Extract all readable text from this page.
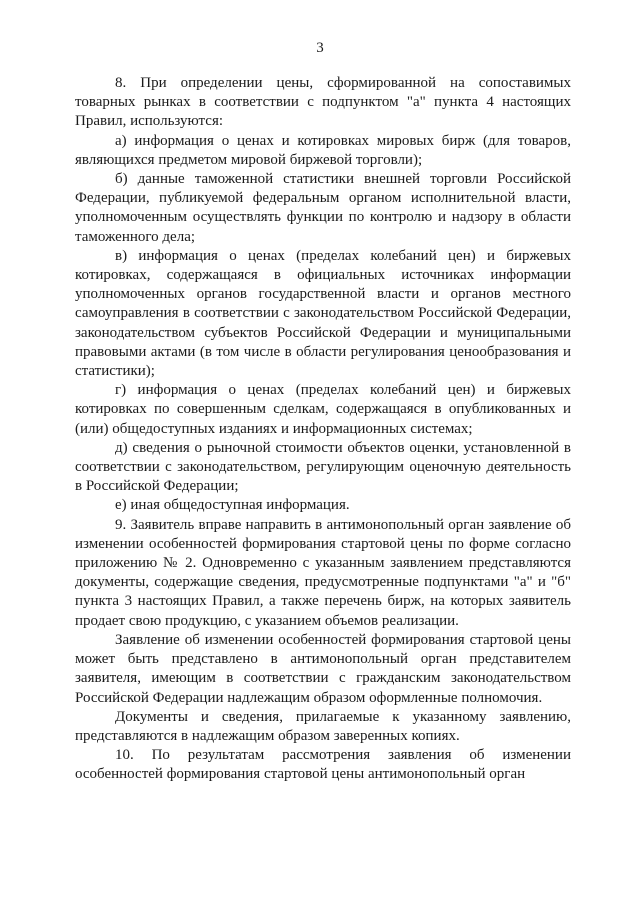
3

8. При определении цены, сформированной на сопоставимых товарных рынках в соответствии с подпунктом "а" пункта 4 настоящих Правил, используются:

а) информация о ценах и котировках мировых бирж (для товаров, являющихся предметом мировой биржевой торговли);

б) данные таможенной статистики внешней торговли Российской Федерации, публикуемой федеральным органом исполнительной власти, уполномоченным осуществлять функции по контролю и надзору в области таможенного дела;

в) информация о ценах (пределах колебаний цен) и биржевых котировках, содержащаяся в официальных источниках информации уполномоченных органов государственной власти и органов местного самоуправления в соответствии с законодательством Российской Федерации, законодательством субъектов Российской Федерации и муниципальными правовыми актами (в том числе в области регулирования ценообразования и статистики);

г) информация о ценах (пределах колебаний цен) и биржевых котировках по совершенным сделкам, содержащаяся в опубликованных и (или) общедоступных изданиях и информационных системах;

д) сведения о рыночной стоимости объектов оценки, установленной в соответствии с законодательством, регулирующим оценочную деятельность в Российской Федерации;

е) иная общедоступная информация.

9. Заявитель вправе направить в антимонопольный орган заявление об изменении особенностей формирования стартовой цены по форме согласно приложению № 2. Одновременно с указанным заявлением представляются документы, содержащие сведения, предусмотренные подпунктами "а" и "б" пункта 3 настоящих Правил, а также перечень бирж, на которых заявитель продает свою продукцию, с указанием объемов реализации.

Заявление об изменении особенностей формирования стартовой цены может быть представлено в антимонопольный орган представителем заявителя, имеющим в соответствии с гражданским законодательством Российской Федерации надлежащим образом оформленные полномочия.

Документы и сведения, прилагаемые к указанному заявлению, представляются в надлежащим образом заверенных копиях.

10. По результатам рассмотрения заявления об изменении особенностей формирования стартовой цены антимонопольный орган
